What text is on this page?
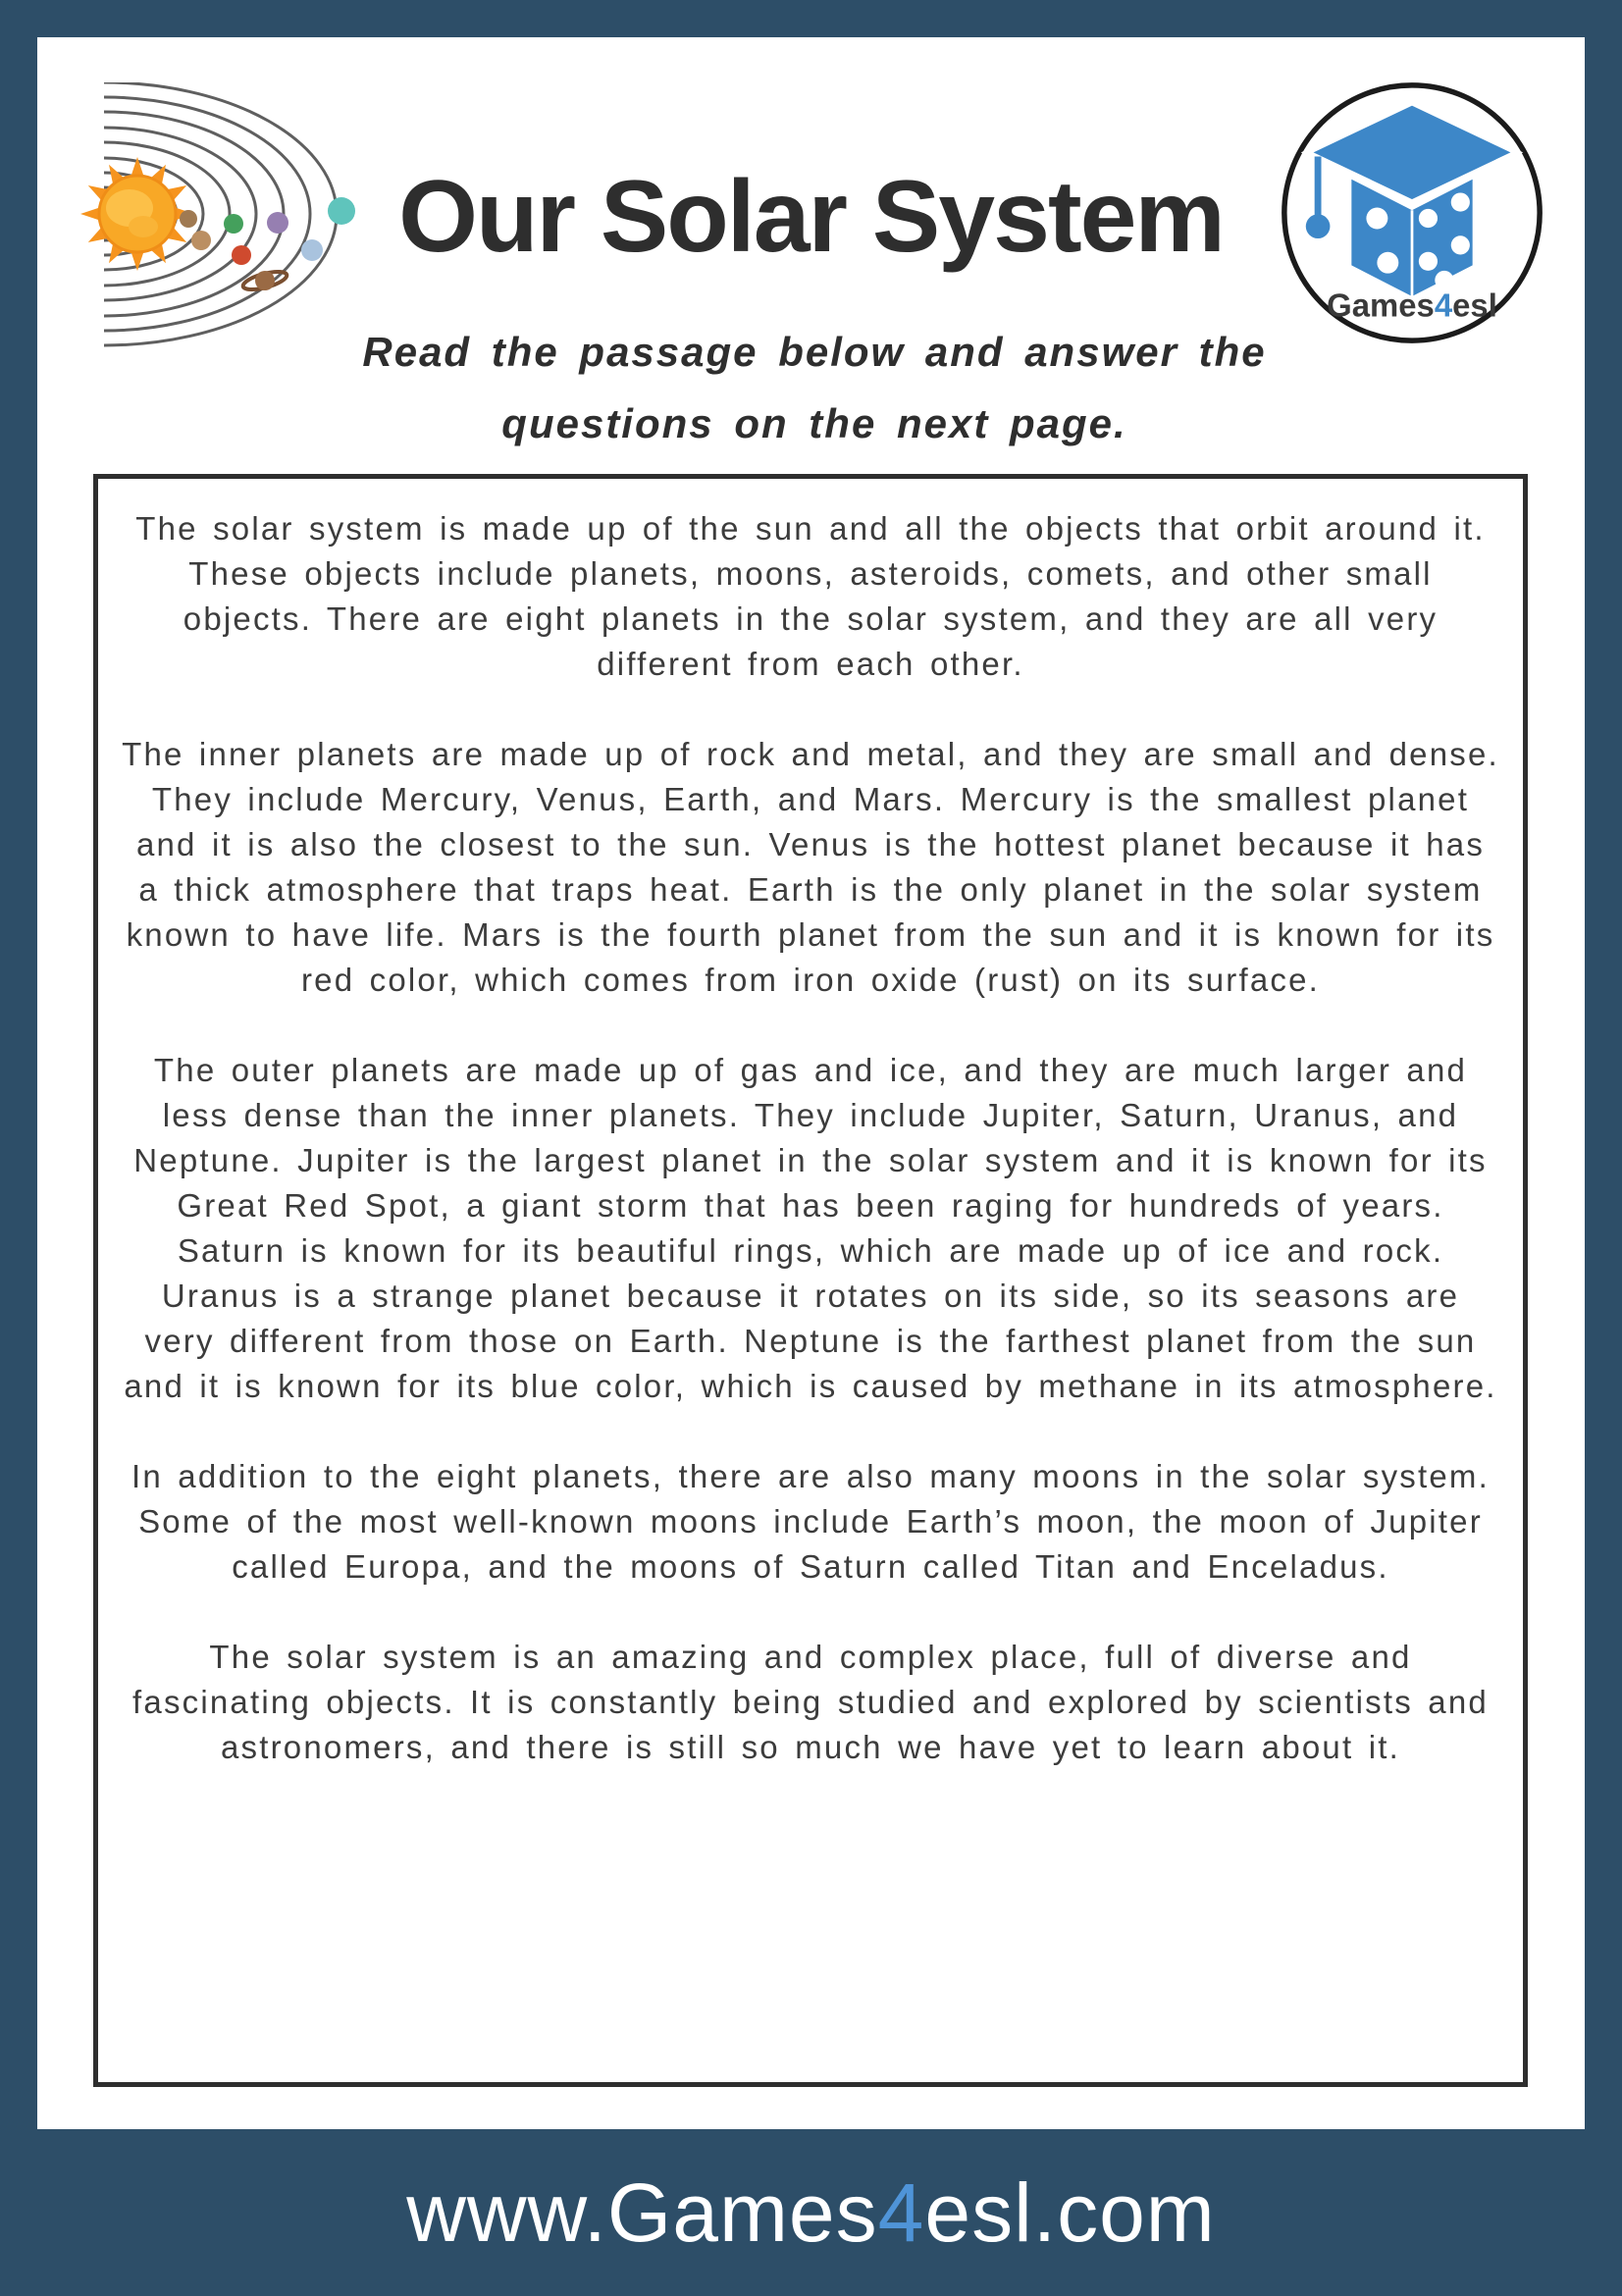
Our Solar System
Games4esl
Read the passage below and answer the
questions on the next page.

The solar system is made up of the sun and all the objects that orbit around it. These objects include planets, moons, asteroids, comets, and other small objects. There are eight planets in the solar system, and they are all very different from each other.

The inner planets are made up of rock and metal, and they are small and dense. They include Mercury, Venus, Earth, and Mars. Mercury is the smallest planet and it is also the closest to the sun. Venus is the hottest planet because it has a thick atmosphere that traps heat. Earth is the only planet in the solar system known to have life. Mars is the fourth planet from the sun and it is known for its red color, which comes from iron oxide (rust) on its surface.

The outer planets are made up of gas and ice, and they are much larger and less dense than the inner planets. They include Jupiter, Saturn, Uranus, and Neptune. Jupiter is the largest planet in the solar system and it is known for its Great Red Spot, a giant storm that has been raging for hundreds of years. Saturn is known for its beautiful rings, which are made up of ice and rock. Uranus is a strange planet because it rotates on its side, so its seasons are very different from those on Earth. Neptune is the farthest planet from the sun and it is known for its blue color, which is caused by methane in its atmosphere.

In addition to the eight planets, there are also many moons in the solar system. Some of the most well-known moons include Earth’s moon, the moon of Jupiter called Europa, and the moons of Saturn called Titan and Enceladus.

The solar system is an amazing and complex place, full of diverse and fascinating objects. It is constantly being studied and explored by scientists and astronomers, and there is still so much we have yet to learn about it.

www.Games4esl.com
